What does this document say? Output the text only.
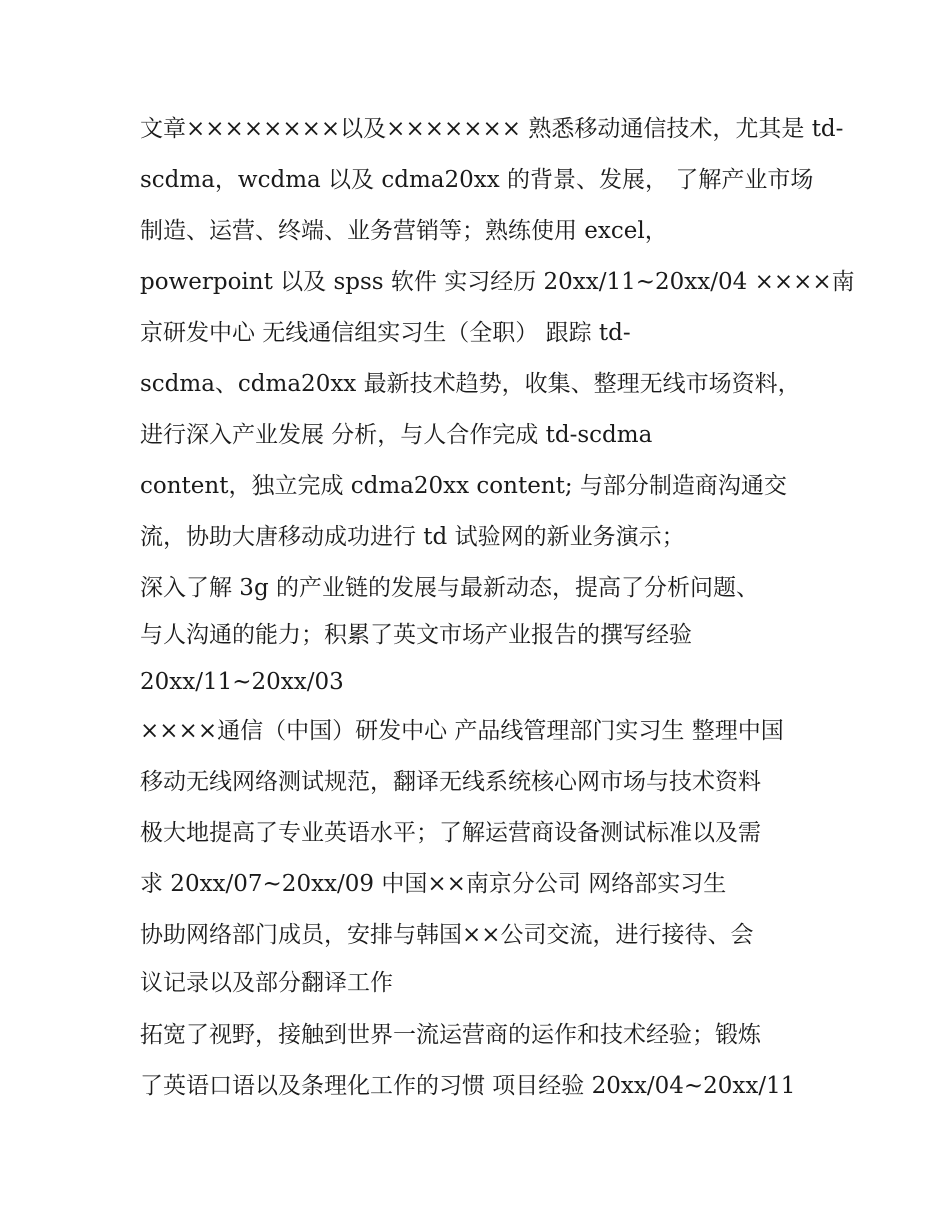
文章××××××××以及××××××× 熟悉移动通信技术，尤其是 td-
scdma，wcdma 以及 cdma20xx 的背景、发展， 了解产业市场
制造、运营、终端、业务营销等；熟练使用 excel，
powerpoint 以及 spss 软件 实习经历 20xx/11~20xx/04 ××××南
京研发中心 无线通信组实习生（全职） 跟踪 td-
scdma、cdma20xx 最新技术趋势，收集、整理无线市场资料，
进行深入产业发展 分析，与人合作完成 td-scdma
content，独立完成 cdma20xx content; 与部分制造商沟通交
流，协助大唐移动成功进行 td 试验网的新业务演示；
深入了解 3g 的产业链的发展与最新动态，提高了分析问题、
与人沟通的能力；积累了英文市场产业报告的撰写经验
20xx/11~20xx/03
××××通信（中国）研发中心 产品线管理部门实习生 整理中国
移动无线网络测试规范，翻译无线系统核心网市场与技术资料
极大地提高了专业英语水平；了解运营商设备测试标准以及需
求 20xx/07~20xx/09 中国××南京分公司 网络部实习生
协助网络部门成员，安排与韩国××公司交流，进行接待、会
议记录以及部分翻译工作
拓宽了视野，接触到世界一流运营商的运作和技术经验；锻炼
了英语口语以及条理化工作的习惯 项目经验 20xx/04~20xx/11
